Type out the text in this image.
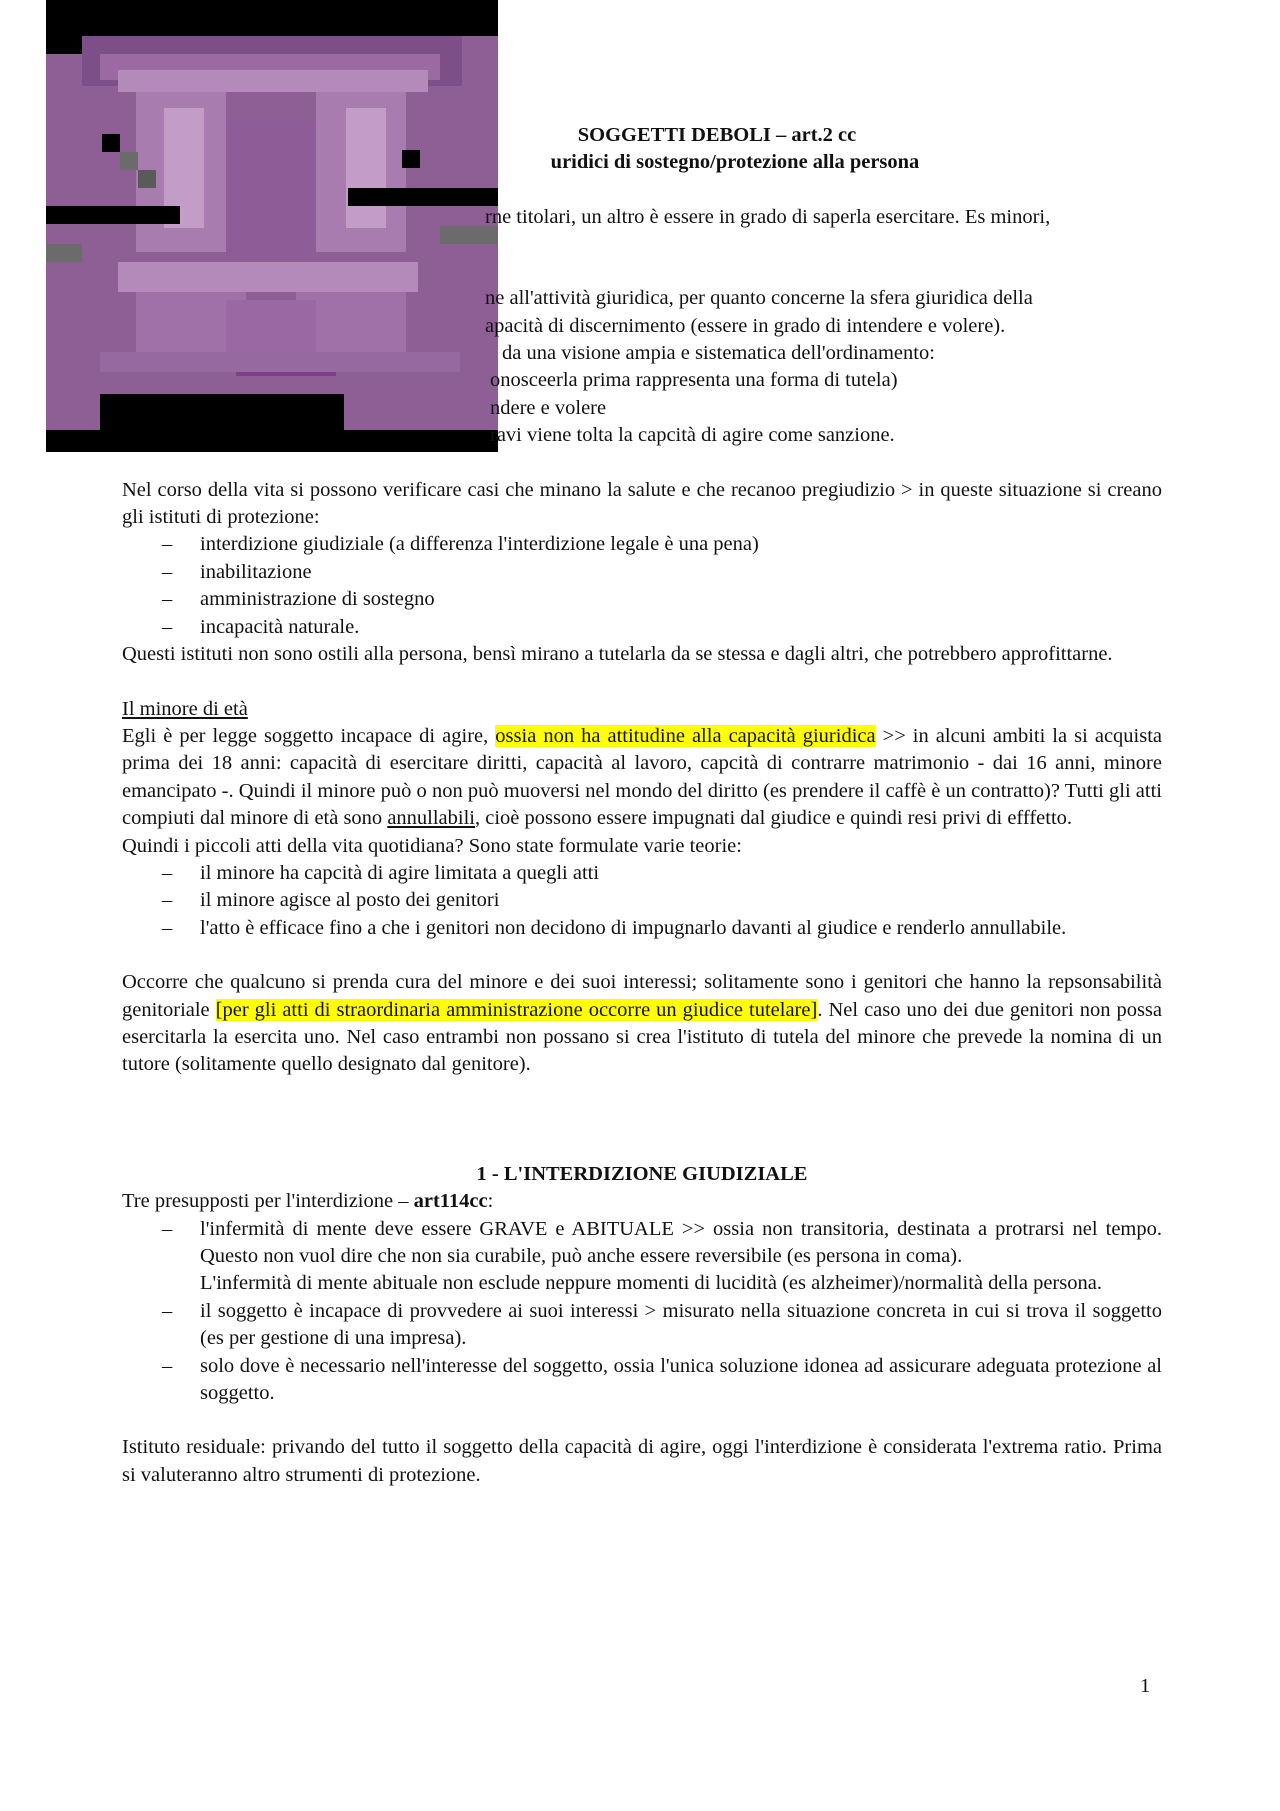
SOGGETTI DEBOLI – art.2 cc

uridici di sostegno/protezione alla persona

rne titolari, un altro è essere in grado di saperla esercitare. Es minori,

ne all'attività giuridica, per quanto concerne la sfera giuridica della

apacità di discernimento (essere in grado di intendere e volere).

da una visione ampia e sistematica dell'ordinamento:

onosceerla prima rappresenta una forma di tutela)

ndere e volere

ravi viene tolta la capcità di agire come sanzione.

Nel corso della vita si possono verificare casi che minano la salute e che recanoo pregiudizio > in queste situazione si creano gli istituti di protezione:

– interdizione giudiziale (a differenza l'interdizione legale è una pena)
– inabilitazione
– amministrazione di sostegno
– incapacità naturale.

Questi istituti non sono ostili alla persona, bensì mirano a tutelarla da se stessa e dagli altri, che potrebbero approfittarne.

Il minore di età

Egli è per legge soggetto incapace di agire, ossia non ha attitudine alla capacità giuridica >> in alcuni ambiti la si acquista prima dei 18 anni: capacità di esercitare diritti, capacità al lavoro, capcità di contrarre matrimonio - dai 16 anni, minore emancipato -. Quindi il minore può o non può muoversi nel mondo del diritto (es prendere il caffè è un contratto)? Tutti gli atti compiuti dal minore di età sono annullabili, cioè possono essere impugnati dal giudice e quindi resi privi di efffetto.

Quindi i piccoli atti della vita quotidiana? Sono state formulate varie teorie:

– il minore ha capcità di agire limitata a quegli atti
– il minore agisce al posto dei genitori
– l'atto è efficace fino a che i genitori non decidono di impugnarlo davanti al giudice e renderlo annullabile.

Occorre che qualcuno si prenda cura del minore e dei suoi interessi; solitamente sono i genitori che hanno la repsonsabilità genitoriale [per gli atti di straordinaria amministrazione occorre un giudice tutelare]. Nel caso uno dei due genitori non possa esercitarla la esercita uno. Nel caso entrambi non possano si crea l'istituto di tutela del minore che prevede la nomina di un tutore (solitamente quello designato dal genitore).

1 - L'INTERDIZIONE GIUDIZIALE

Tre presupposti per l'interdizione – art114cc:

– l'infermità di mente deve essere GRAVE e ABITUALE >> ossia non transitoria, destinata a protrarsi nel tempo. Questo non vuol dire che non sia curabile, può anche essere reversibile (es persona in coma).
L'infermità di mente abituale non esclude neppure momenti di lucidità (es alzheimer)/normalità della persona.
– il soggetto è incapace di provvedere ai suoi interessi > misurato nella situazione concreta in cui si trova il soggetto (es per gestione di una impresa).
– solo dove è necessario nell'interesse del soggetto, ossia l'unica soluzione idonea ad assicurare adeguata protezione al soggetto.

Istituto residuale: privando del tutto il soggetto della capacità di agire, oggi l'interdizione è considerata l'extrema ratio. Prima si valuteranno altro strumenti di protezione.

1
